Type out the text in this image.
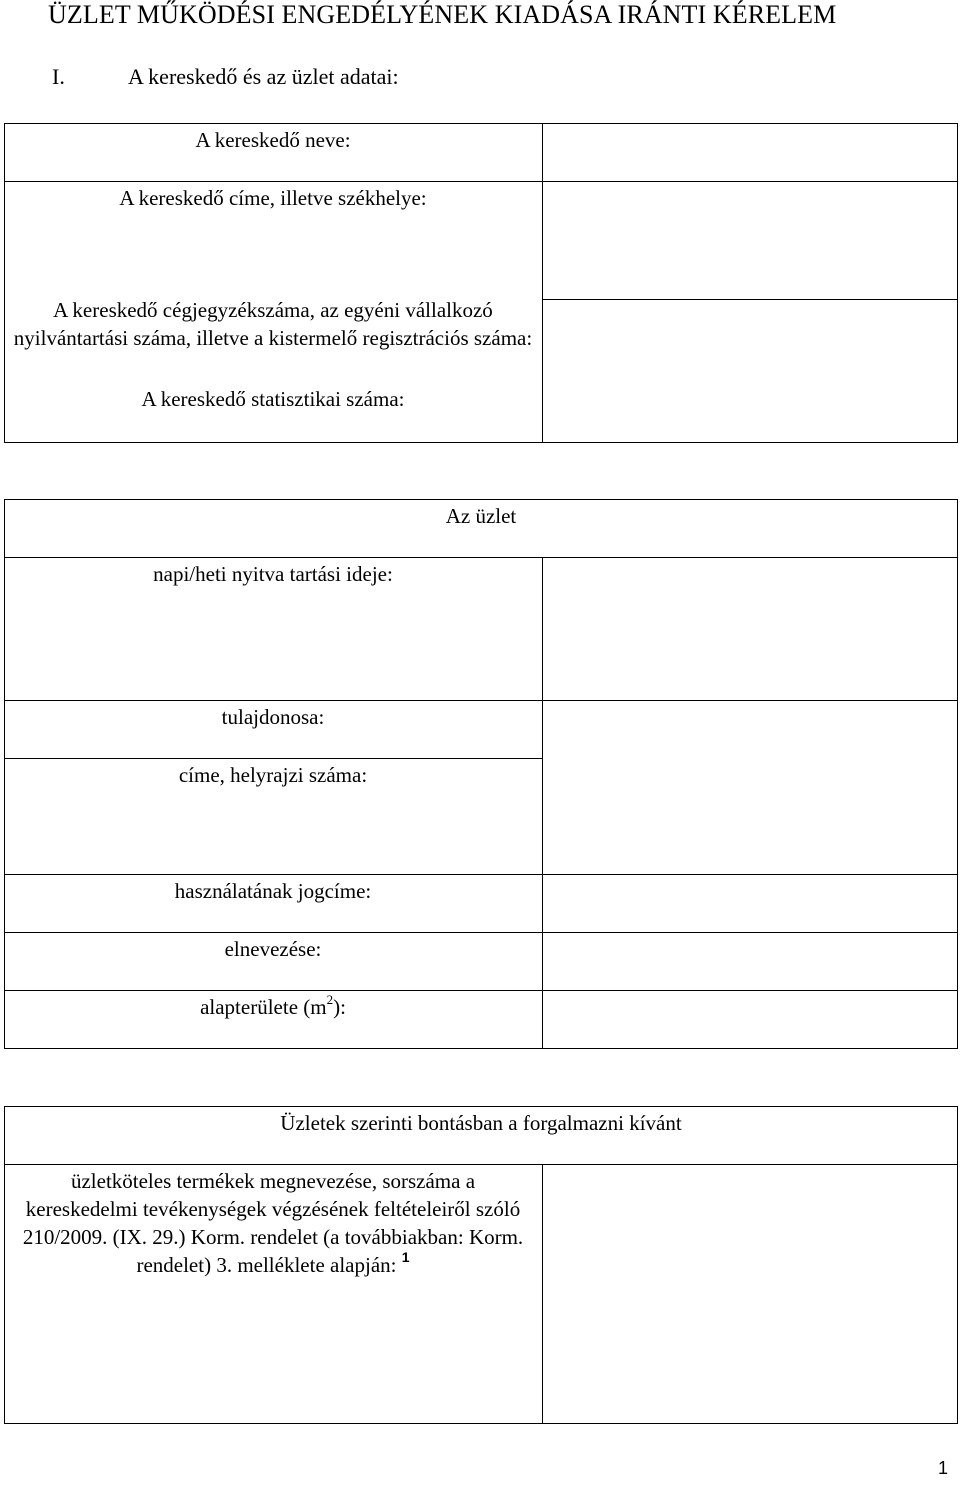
ÜZLET MŰKÖDÉSI ENGEDÉLYÉNEK KIADÁSA IRÁNTI KÉRELEM
I.	A kereskedő és az üzlet adatai:
A kereskedő neve:
A kereskedő címe, illetve székhelye:
A kereskedő cégjegyzékszáma, az egyéni vállalkozó nyilvántartási száma, illetve a kistermelő regisztrációs száma:
A kereskedő statisztikai száma:
Az üzlet
napi/heti nyitva tartási ideje:
tulajdonosa:
címe, helyrajzi száma:
használatának jogcíme:
elnevezése:
alapterülete $(m^2)$:
Üzletek szerinti bontásban a forgalmazni kívánt
üzletköteles termékek megnevezése, sorszáma a kereskedelmi tevékenységek végzésének feltételeiről szóló 210/2009. (IX. 29.) Korm. rendelet (a továbbiakban: Korm. rendelet) 3. melléklete alapján: $^1$
1
